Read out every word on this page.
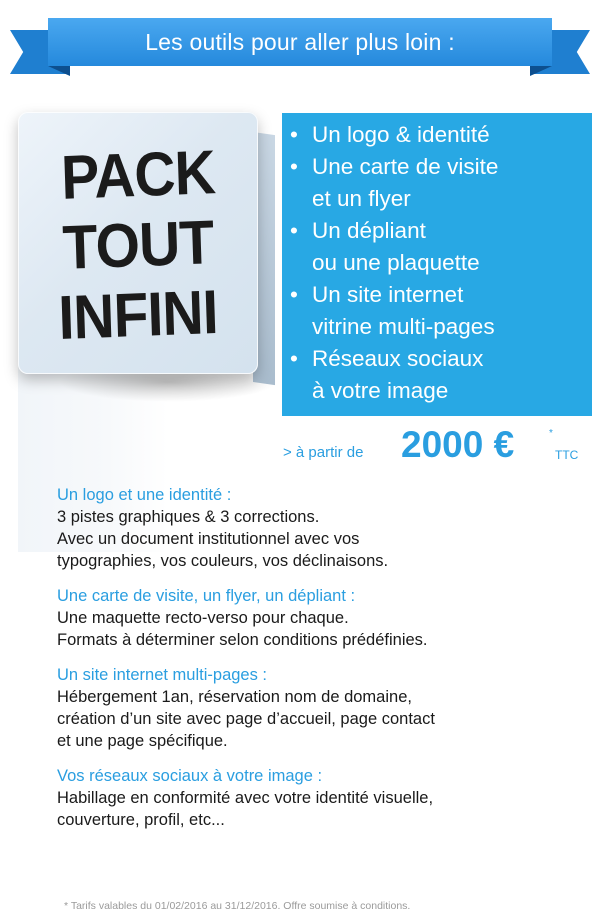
Les outils pour aller plus loin :
PACK
TOUT
INFINI
• Un logo & identité
• Une carte de visite
et un flyer
• Un dépliant
ou une plaquette
• Un site internet
vitrine multi-pages
• Réseaux sociaux
à votre image
> à partir de 2000 €	*
TTC
Un logo et une identité :
3 pistes graphiques & 3 corrections.
Avec un document institutionnel avec vos
typographies, vos couleurs, vos déclinaisons.
Une carte de visite, un flyer, un dépliant :
Une maquette recto-verso pour chaque.
Formats à déterminer selon conditions prédéfinies.
Un site internet multi-pages :
Hébergement 1an, réservation nom de domaine,
création d’un site avec page d’accueil, page contact
et une page spécifique.
Vos réseaux sociaux à votre image :
Habillage en conformité avec votre identité visuelle,
couverture, profil, etc...
* Tarifs valables du 01/02/2016 au 31/12/2016. Offre soumise à conditions.
